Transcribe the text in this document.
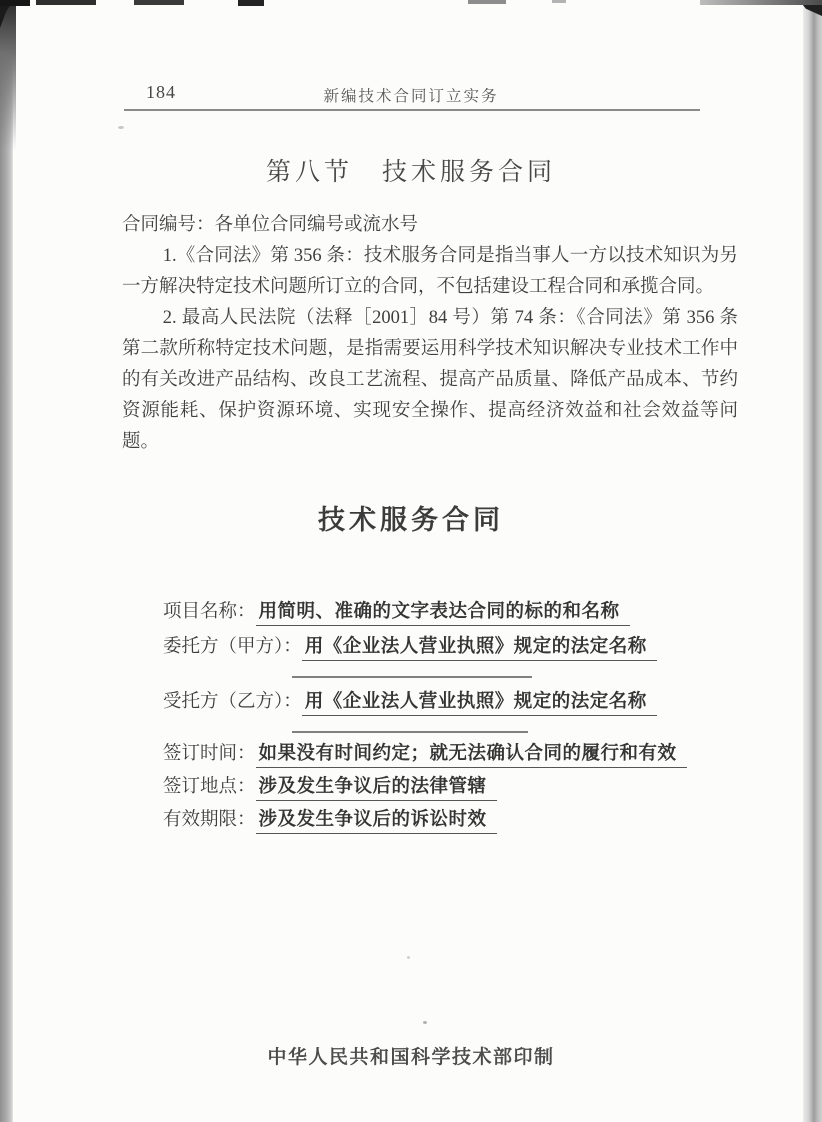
184	新编技术合同订立实务
第八节　技术服务合同

合同编号：各单位合同编号或流水号

1.《合同法》第 356 条：技术服务合同是指当事人一方以技术知识为另一方解决特定技术问题所订立的合同，不包括建设工程合同和承揽合同。

2. 最高人民法院（法释［2001］84 号）第 74 条：《合同法》第 356 条第二款所称特定技术问题，是指需要运用科学技术知识解决专业技术工作中的有关改进产品结构、改良工艺流程、提高产品质量、降低产品成本、节约资源能耗、保护资源环境、实现安全操作、提高经济效益和社会效益等问题。

技术服务合同
项目名称： 用简明、准确的文字表达合同的标的和名称
委托方（甲方）： 用《企业法人营业执照》规定的法定名称
受托方（乙方）： 用《企业法人营业执照》规定的法定名称
签订时间： 如果没有时间约定；就无法确认合同的履行和有效
签订地点： 涉及发生争议后的法律管辖
有效期限： 涉及发生争议后的诉讼时效
中华人民共和国科学技术部印制
